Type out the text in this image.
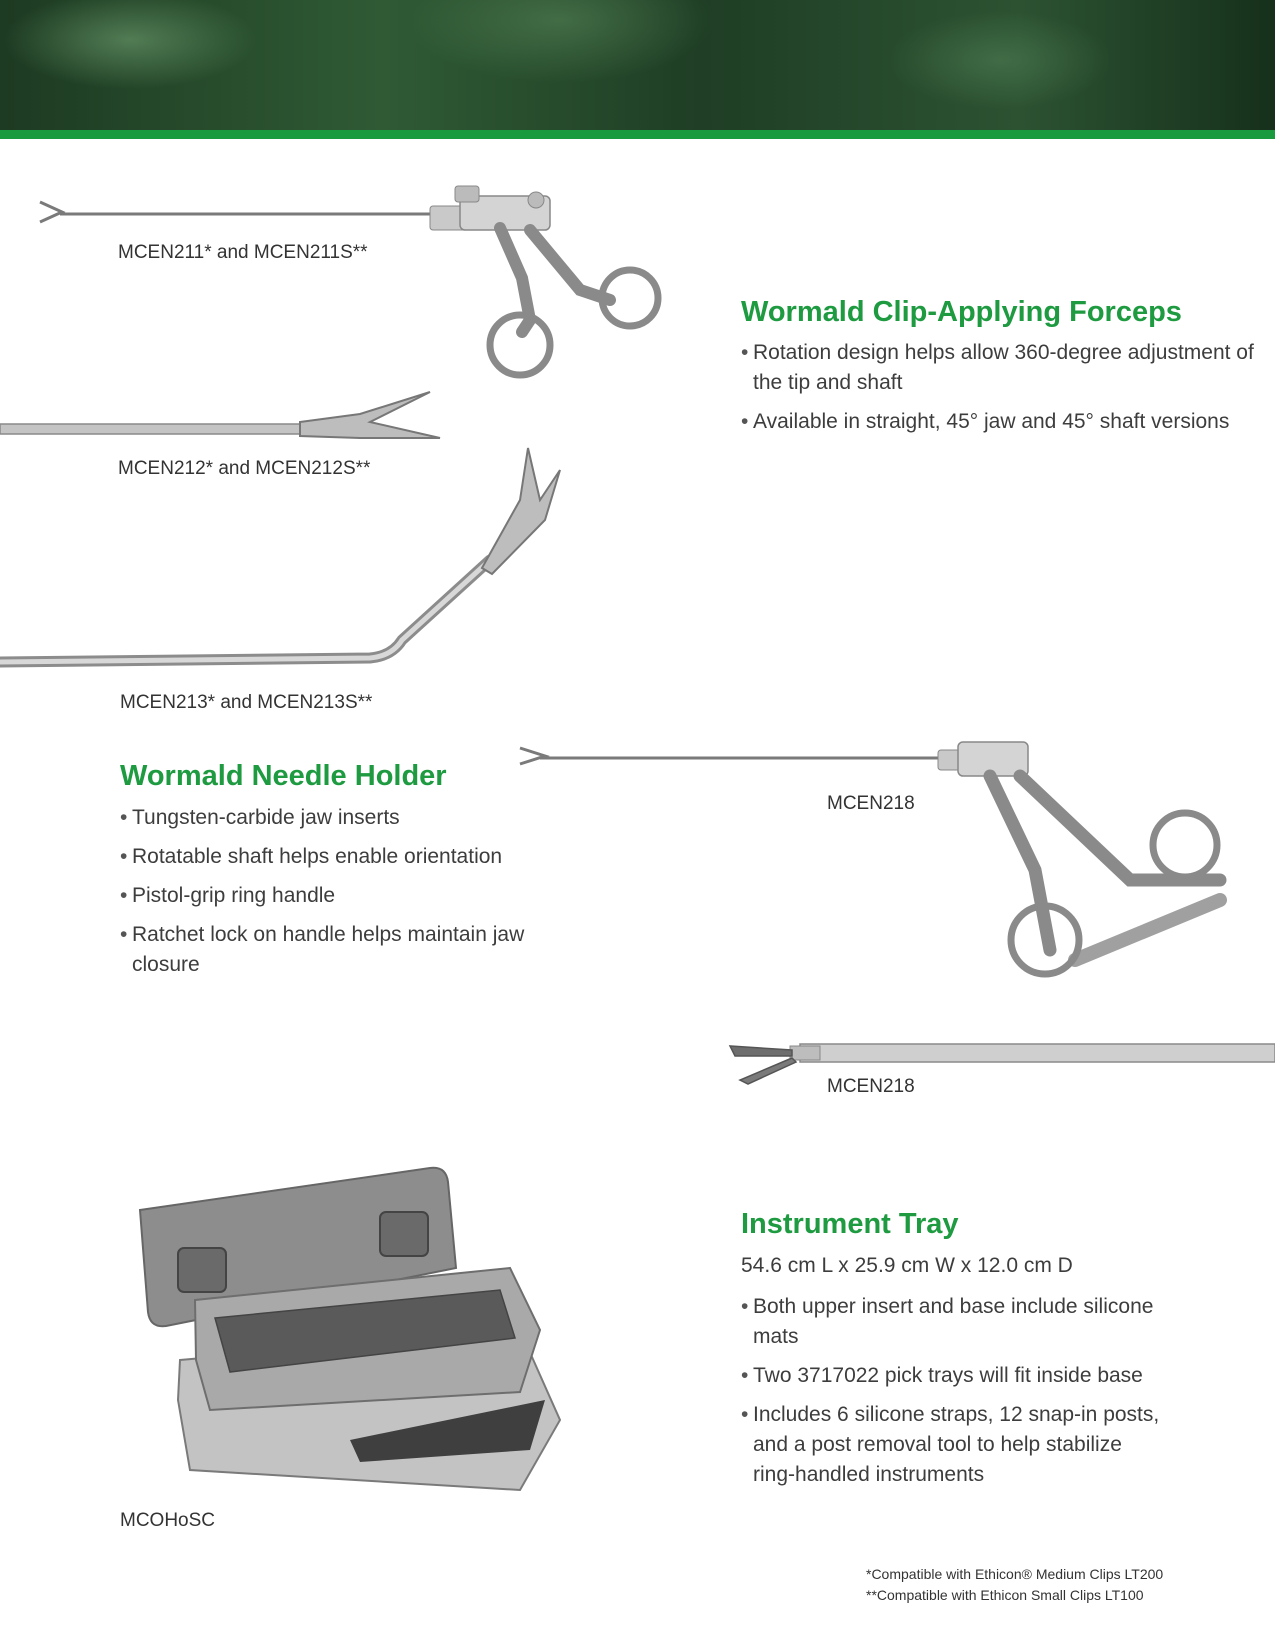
MCEN211* and MCEN211S**
MCEN212* and MCEN212S**
MCEN213* and MCEN213S**
Wormald Clip-Applying Forceps
• Rotation design helps allow 360-degree adjustment of the tip and shaft
• Available in straight, 45° jaw and 45° shaft versions
Wormald Needle Holder
• Tungsten-carbide jaw inserts
• Rotatable shaft helps enable orientation
• Pistol-grip ring handle
• Ratchet lock on handle helps maintain jaw closure
MCEN218
MCEN218
MCOHoSC
Instrument Tray
54.6 cm L x 25.9 cm W x 12.0 cm D
• Both upper insert and base include silicone mats
• Two 3717022 pick trays will fit inside base
• Includes 6 silicone straps, 12 snap-in posts, and a post removal tool to help stabilize ring-handled instruments
*Compatible with Ethicon® Medium Clips LT200
**Compatible with Ethicon Small Clips LT100
